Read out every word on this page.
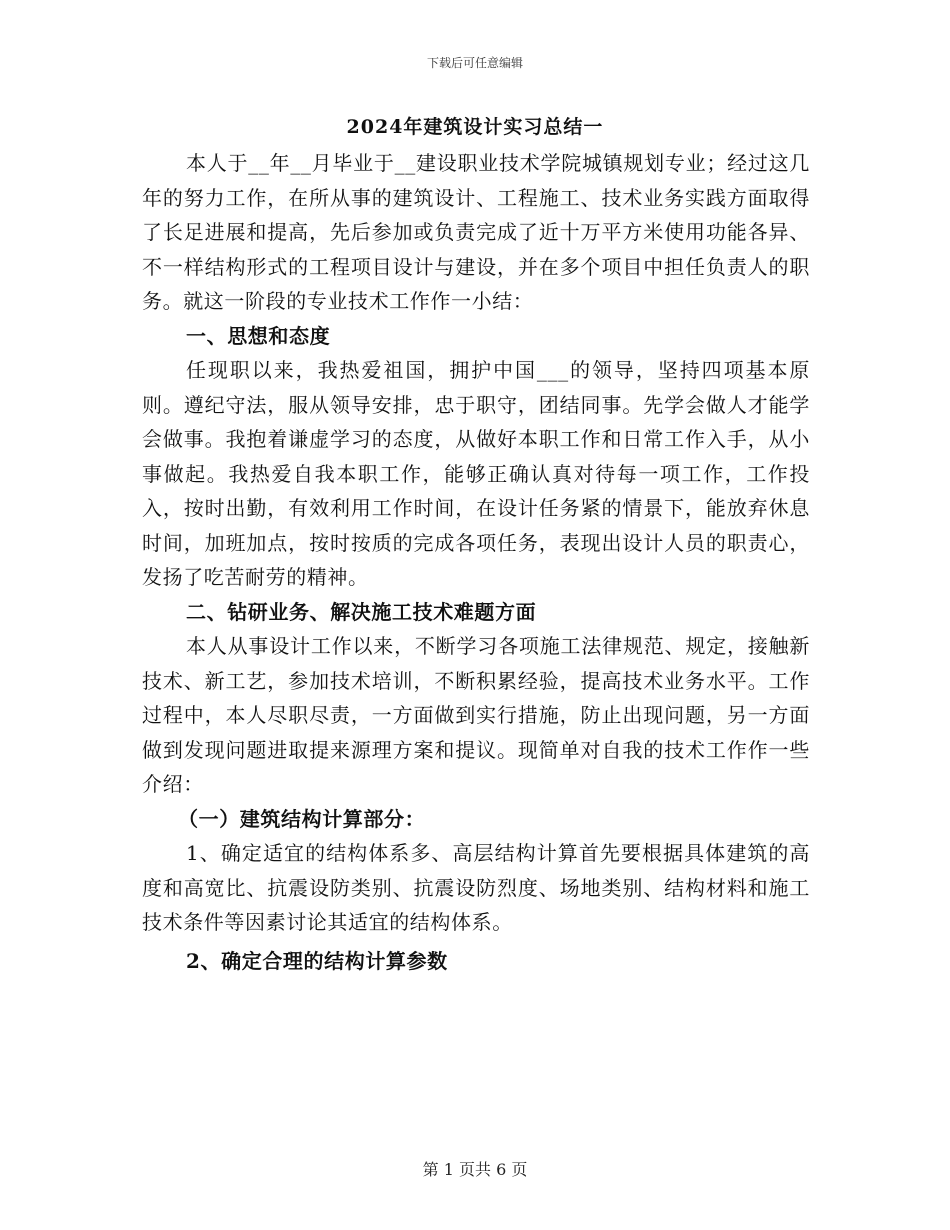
下载后可任意编辑
2024年建筑设计实习总结一

本人于__年__月毕业于__建设职业技术学院城镇规划专业；经过这几年的努力工作，在所从事的建筑设计、工程施工、技术业务实践方面取得了长足进展和提高，先后参加或负责完成了近十万平方米使用功能各异、不一样结构形式的工程项目设计与建设，并在多个项目中担任负责人的职务。就这一阶段的专业技术工作作一小结：

一、思想和态度

任现职以来，我热爱祖国，拥护中国___的领导，坚持四项基本原则。遵纪守法，服从领导安排，忠于职守，团结同事。先学会做人才能学会做事。我抱着谦虚学习的态度，从做好本职工作和日常工作入手，从小事做起。我热爱自我本职工作，能够正确认真对待每一项工作，工作投入，按时出勤，有效利用工作时间，在设计任务紧的情景下，能放弃休息时间，加班加点，按时按质的完成各项任务，表现出设计人员的职责心，发扬了吃苦耐劳的精神。

二、钻研业务、解决施工技术难题方面

本人从事设计工作以来，不断学习各项施工法律规范、规定，接触新技术、新工艺，参加技术培训，不断积累经验，提高技术业务水平。工作过程中，本人尽职尽责，一方面做到实行措施，防止出现问题，另一方面做到发现问题进取提来源理方案和提议。现简单对自我的技术工作作一些介绍：

（一）建筑结构计算部分：

1、确定适宜的结构体系多、高层结构计算首先要根据具体建筑的高度和高宽比、抗震设防类别、抗震设防烈度、场地类别、结构材料和施工技术条件等因素讨论其适宜的结构体系。

2、确定合理的结构计算参数

第 1 页共 6 页
